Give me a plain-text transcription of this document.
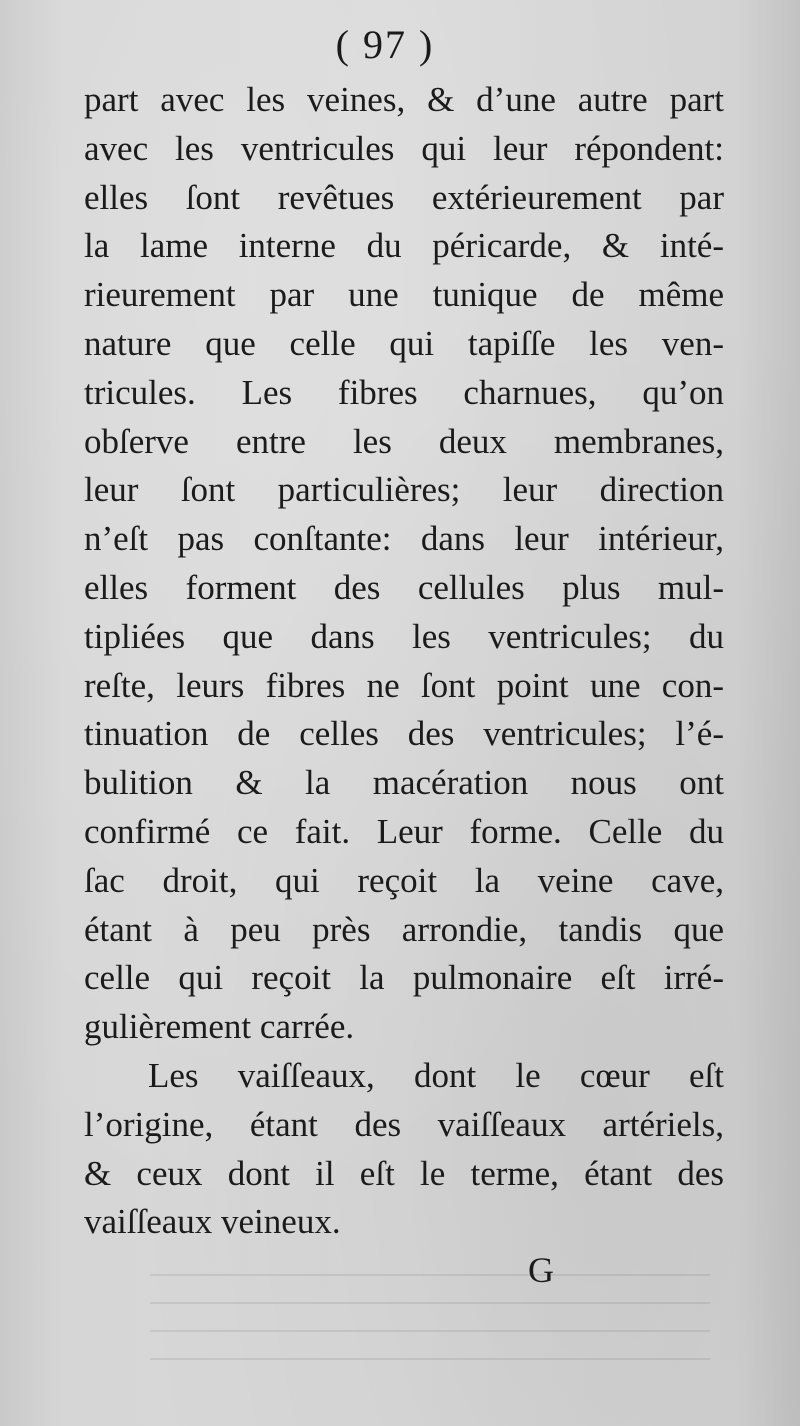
( 97 )
part avec les veines, & d’une autre part
avec les ventricules qui leur répondent:
elles ſont revêtues extérieurement par
la lame interne du péricarde, & inté-
rieurement par une tunique de même
nature que celle qui tapiſſe les ven-
tricules. Les fibres charnues, qu’on
obſerve entre les deux membranes,
leur ſont particulières; leur direction
n’eſt pas conſtante: dans leur intérieur,
elles forment des cellules plus mul-
tipliées que dans les ventricules; du
reſte, leurs fibres ne ſont point une con-
tinuation de celles des ventricules; l’é-
bulition & la macération nous ont
confirmé ce fait. Leur forme. Celle du
ſac droit, qui reçoit la veine cave,
étant à peu près arrondie, tandis que
celle qui reçoit la pulmonaire eſt irré-
gulièrement carrée.
Les vaiſſeaux, dont le cœur eſt
l’origine, étant des vaiſſeaux artériels,
& ceux dont il eſt le terme, étant des
vaiſſeaux veineux.
G
